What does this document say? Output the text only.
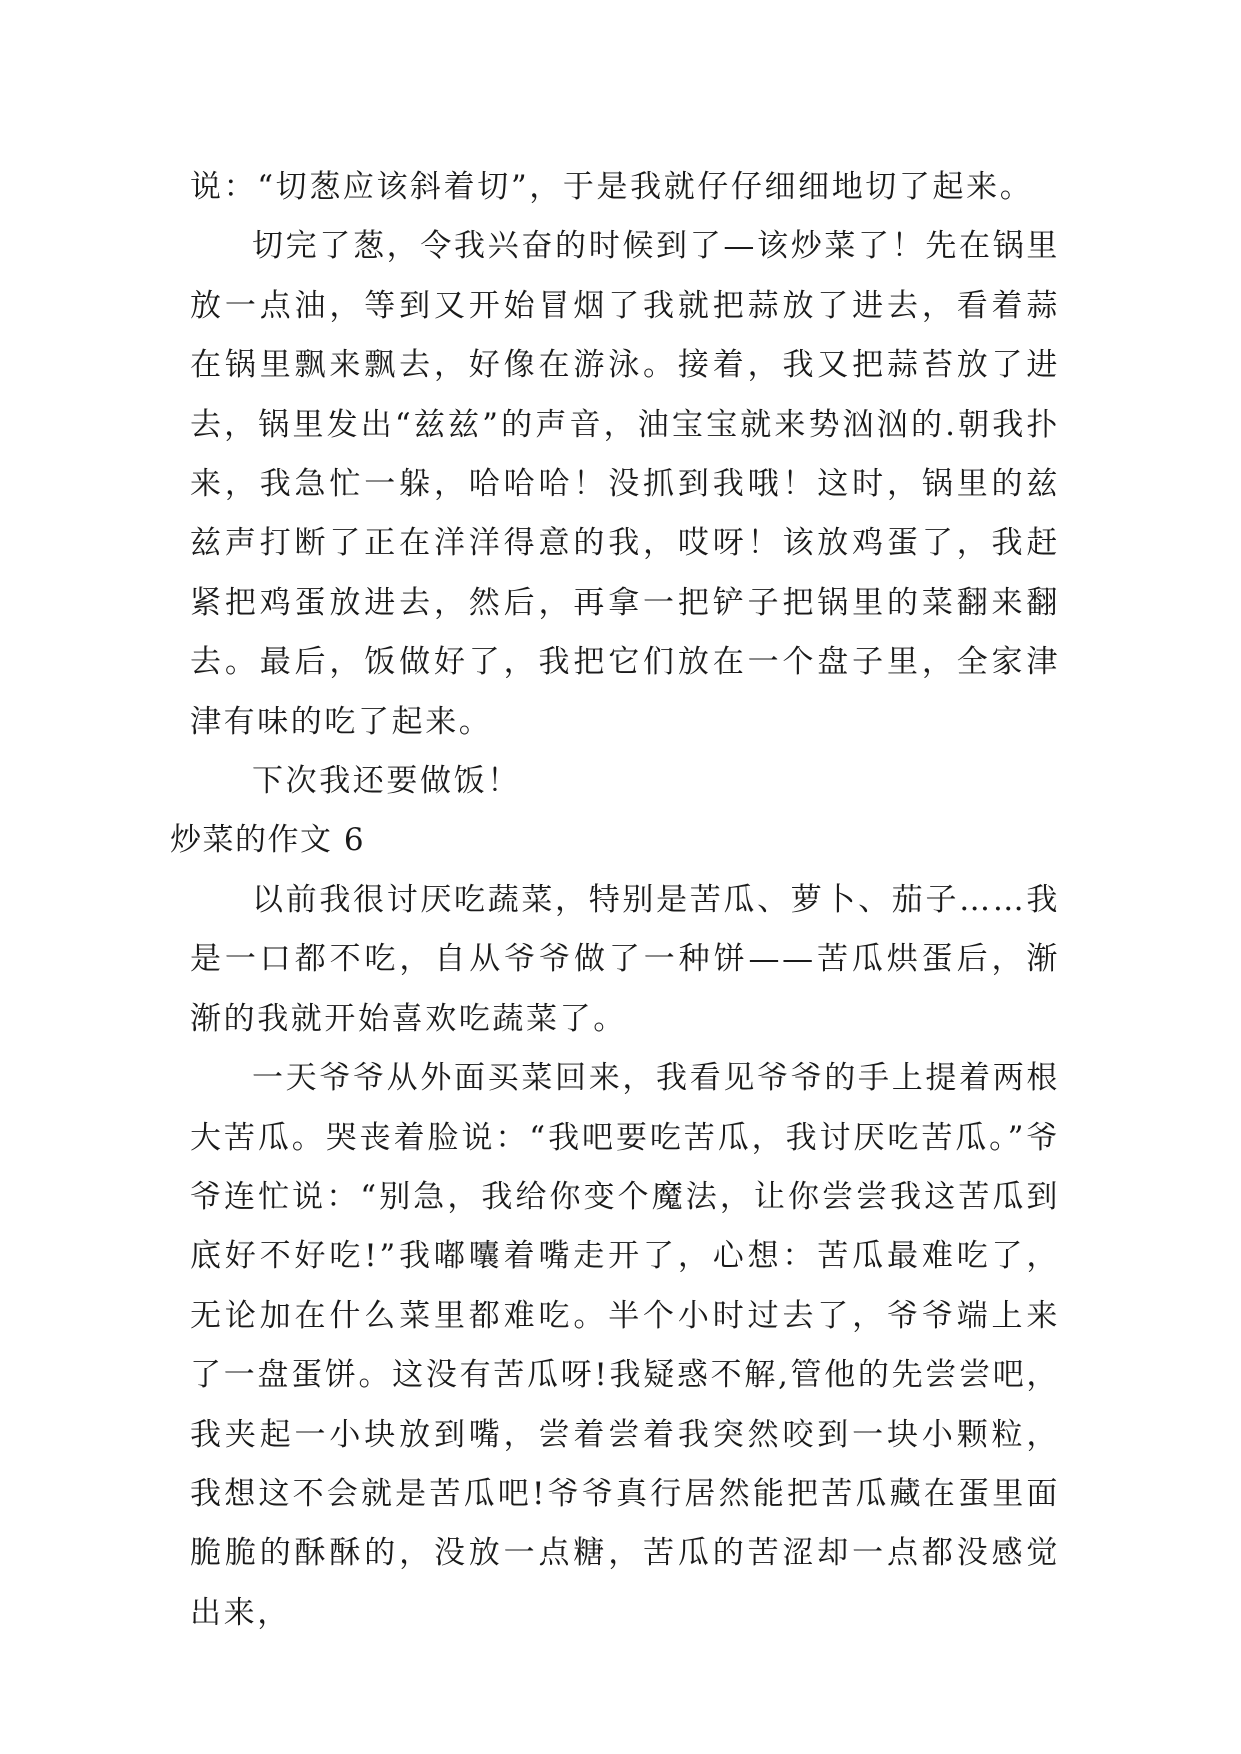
说：“切葱应该斜着切”，于是我就仔仔细细地切了起来。

切完了葱，令我兴奋的时候到了—该炒菜了！先在锅里放一点油，等到又开始冒烟了我就把蒜放了进去，看着蒜在锅里飘来飘去，好像在游泳。接着，我又把蒜苔放了进去，锅里发出“兹兹”的声音，油宝宝就来势汹汹的.朝我扑来，我急忙一躲，哈哈哈！没抓到我哦！这时，锅里的兹兹声打断了正在洋洋得意的我，哎呀！该放鸡蛋了，我赶紧把鸡蛋放进去，然后，再拿一把铲子把锅里的菜翻来翻去。最后，饭做好了，我把它们放在一个盘子里，全家津津有味的吃了起来。

下次我还要做饭！

炒菜的作文 6

以前我很讨厌吃蔬菜，特别是苦瓜、萝卜、茄子……我是一口都不吃，自从爷爷做了一种饼——苦瓜烘蛋后，渐渐的我就开始喜欢吃蔬菜了。

一天爷爷从外面买菜回来，我看见爷爷的手上提着两根大苦瓜。哭丧着脸说：“我吧要吃苦瓜，我讨厌吃苦瓜。”爷爷连忙说：“别急，我给你变个魔法，让你尝尝我这苦瓜到底好不好吃!”我嘟囔着嘴走开了，心想：苦瓜最难吃了，无论加在什么菜里都难吃。半个小时过去了，爷爷端上来了一盘蛋饼。这没有苦瓜呀!我疑惑不解,管他的先尝尝吧，我夹起一小块放到嘴，尝着尝着我突然咬到一块小颗粒，我想这不会就是苦瓜吧!爷爷真行居然能把苦瓜藏在蛋里面脆脆的酥酥的，没放一点糖，苦瓜的苦涩却一点都没感觉出来，
